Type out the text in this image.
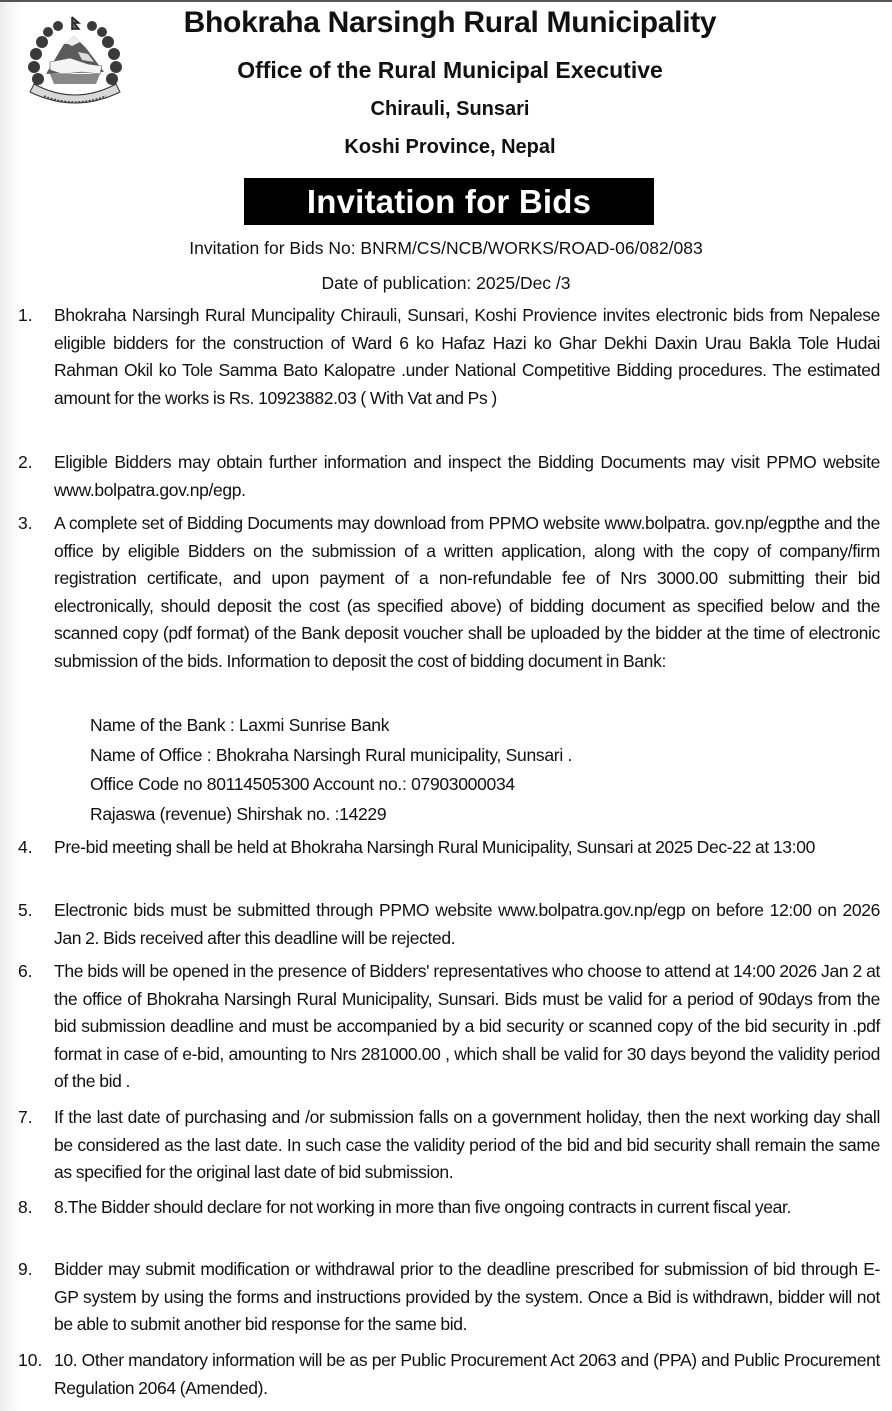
Bhokraha Narsingh Rural Municipality
Office of the Rural Municipal Executive
Chirauli, Sunsari
Koshi Province, Nepal
Invitation for Bids
Invitation for Bids No: BNRM/CS/NCB/WORKS/ROAD-06/082/083
Date of publication: 2025/Dec /3
1. Bhokraha Narsingh Rural Muncipality Chirauli, Sunsari, Koshi Provience invites electronic bids from Nepalese eligible bidders for the construction of Ward 6 ko Hafaz Hazi ko Ghar Dekhi Daxin Urau Bakla Tole Hudai Rahman Okil ko Tole Samma Bato Kalopatre .under National Competitive Bidding procedures. The estimated amount for the works is Rs. 10923882.03 ( With Vat and Ps )
2. Eligible Bidders may obtain further information and inspect the Bidding Documents may visit PPMO website www.bolpatra.gov.np/egp.
3. A complete set of Bidding Documents may download from PPMO website www.bolpatra. gov.np/egpthe and the office by eligible Bidders on the submission of a written application, along with the copy of company/firm registration certificate, and upon payment of a non-refundable fee of Nrs 3000.00 submitting their bid electronically, should deposit the cost (as specified above) of bidding document as specified below and the scanned copy (pdf format) of the Bank deposit voucher shall be uploaded by the bidder at the time of electronic submission of the bids. Information to deposit the cost of bidding document in Bank:
Name of the Bank : Laxmi Sunrise Bank
Name of Office : Bhokraha Narsingh Rural municipality, Sunsari .
Office Code no 80114505300 Account no.: 07903000034
Rajaswa (revenue) Shirshak no. :14229
4. Pre-bid meeting shall be held at Bhokraha Narsingh Rural Municipality, Sunsari at 2025 Dec-22 at 13:00
5. Electronic bids must be submitted through PPMO website www.bolpatra.gov.np/egp on before 12:00 on 2026 Jan 2. Bids received after this deadline will be rejected.
6. The bids will be opened in the presence of Bidders' representatives who choose to attend at 14:00 2026 Jan 2 at the office of Bhokraha Narsingh Rural Municipality, Sunsari. Bids must be valid for a period of 90days from the bid submission deadline and must be accompanied by a bid security or scanned copy of the bid security in .pdf format in case of e-bid, amounting to Nrs 281000.00 , which shall be valid for 30 days beyond the validity period of the bid .
7. If the last date of purchasing and /or submission falls on a government holiday, then the next working day shall be considered as the last date. In such case the validity period of the bid and bid security shall remain the same as specified for the original last date of bid submission.
8. 8.The Bidder should declare for not working in more than five ongoing contracts in current fiscal year.
9. Bidder may submit modification or withdrawal prior to the deadline prescribed for submission of bid through E- GP system by using the forms and instructions provided by the system. Once a Bid is withdrawn, bidder will not be able to submit another bid response for the same bid.
10. 10. Other mandatory information will be as per Public Procurement Act 2063 and (PPA) and Public Procurement Regulation 2064 (Amended).
